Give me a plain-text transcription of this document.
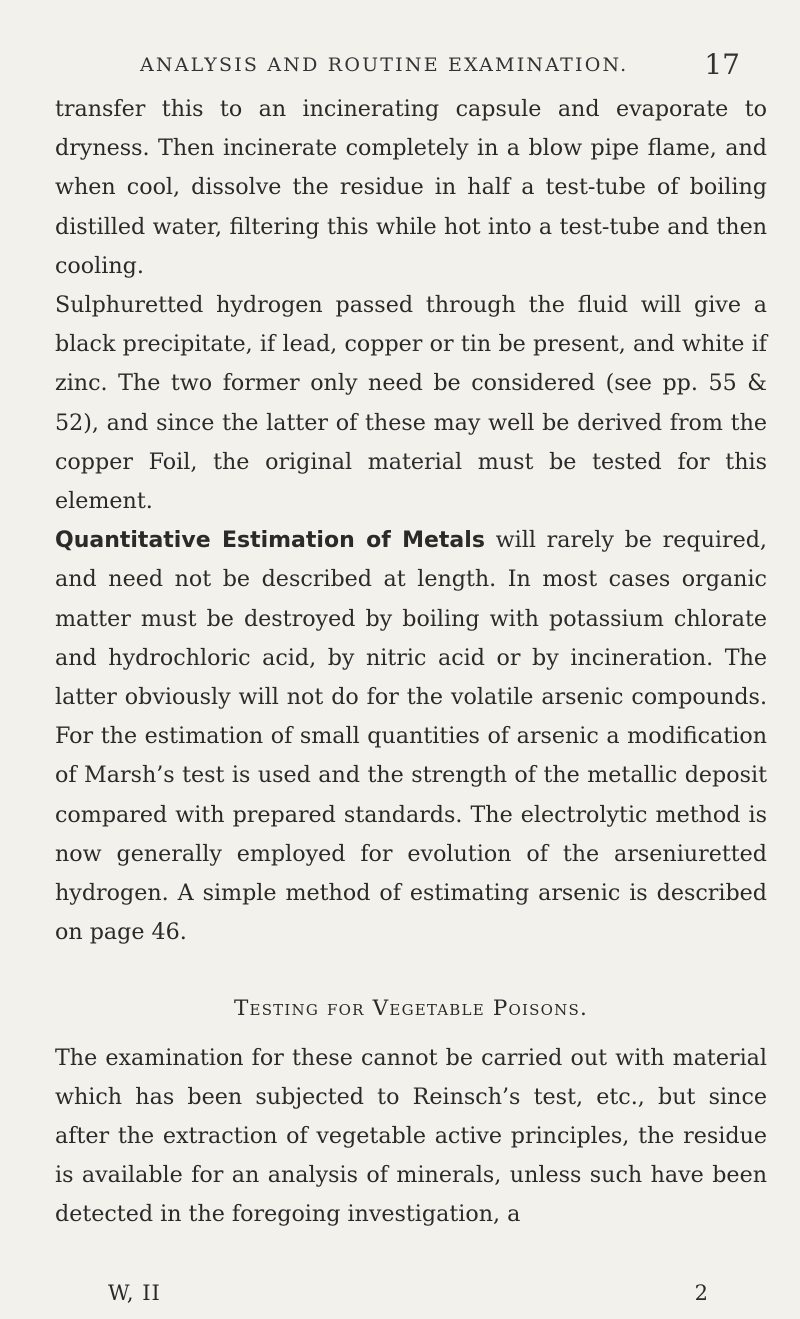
ANALYSIS AND ROUTINE EXAMINATION.	17

transfer this to an incinerating capsule and evaporate to dryness. Then incinerate completely in a blow pipe flame, and when cool, dissolve the residue in half a test-tube of boiling distilled water, filtering this while hot into a test-tube and then cooling.

Sulphuretted hydrogen passed through the fluid will give a black precipitate, if lead, copper or tin be present, and white if zinc. The two former only need be considered (see pp. 55 & 52), and since the latter of these may well be derived from the copper Foil, the original material must be tested for this element.

Quantitative Estimation of Metals will rarely be required, and need not be described at length. In most cases organic matter must be destroyed by boiling with potassium chlorate and hydrochloric acid, by nitric acid or by incineration. The latter obviously will not do for the volatile arsenic compounds. For the estimation of small quantities of arsenic a modification of Marsh’s test is used and the strength of the metallic deposit compared with prepared standards. The electrolytic method is now generally employed for evolution of the arseniuretted hydrogen. A simple method of estimating arsenic is described on page 46.

Testing for Vegetable Poisons.

The examination for these cannot be carried out with material which has been subjected to Reinsch’s test, etc., but since after the extraction of vegetable active principles, the residue is available for an analysis of minerals, unless such have been detected in the foregoing investigation, a

W, II	2
